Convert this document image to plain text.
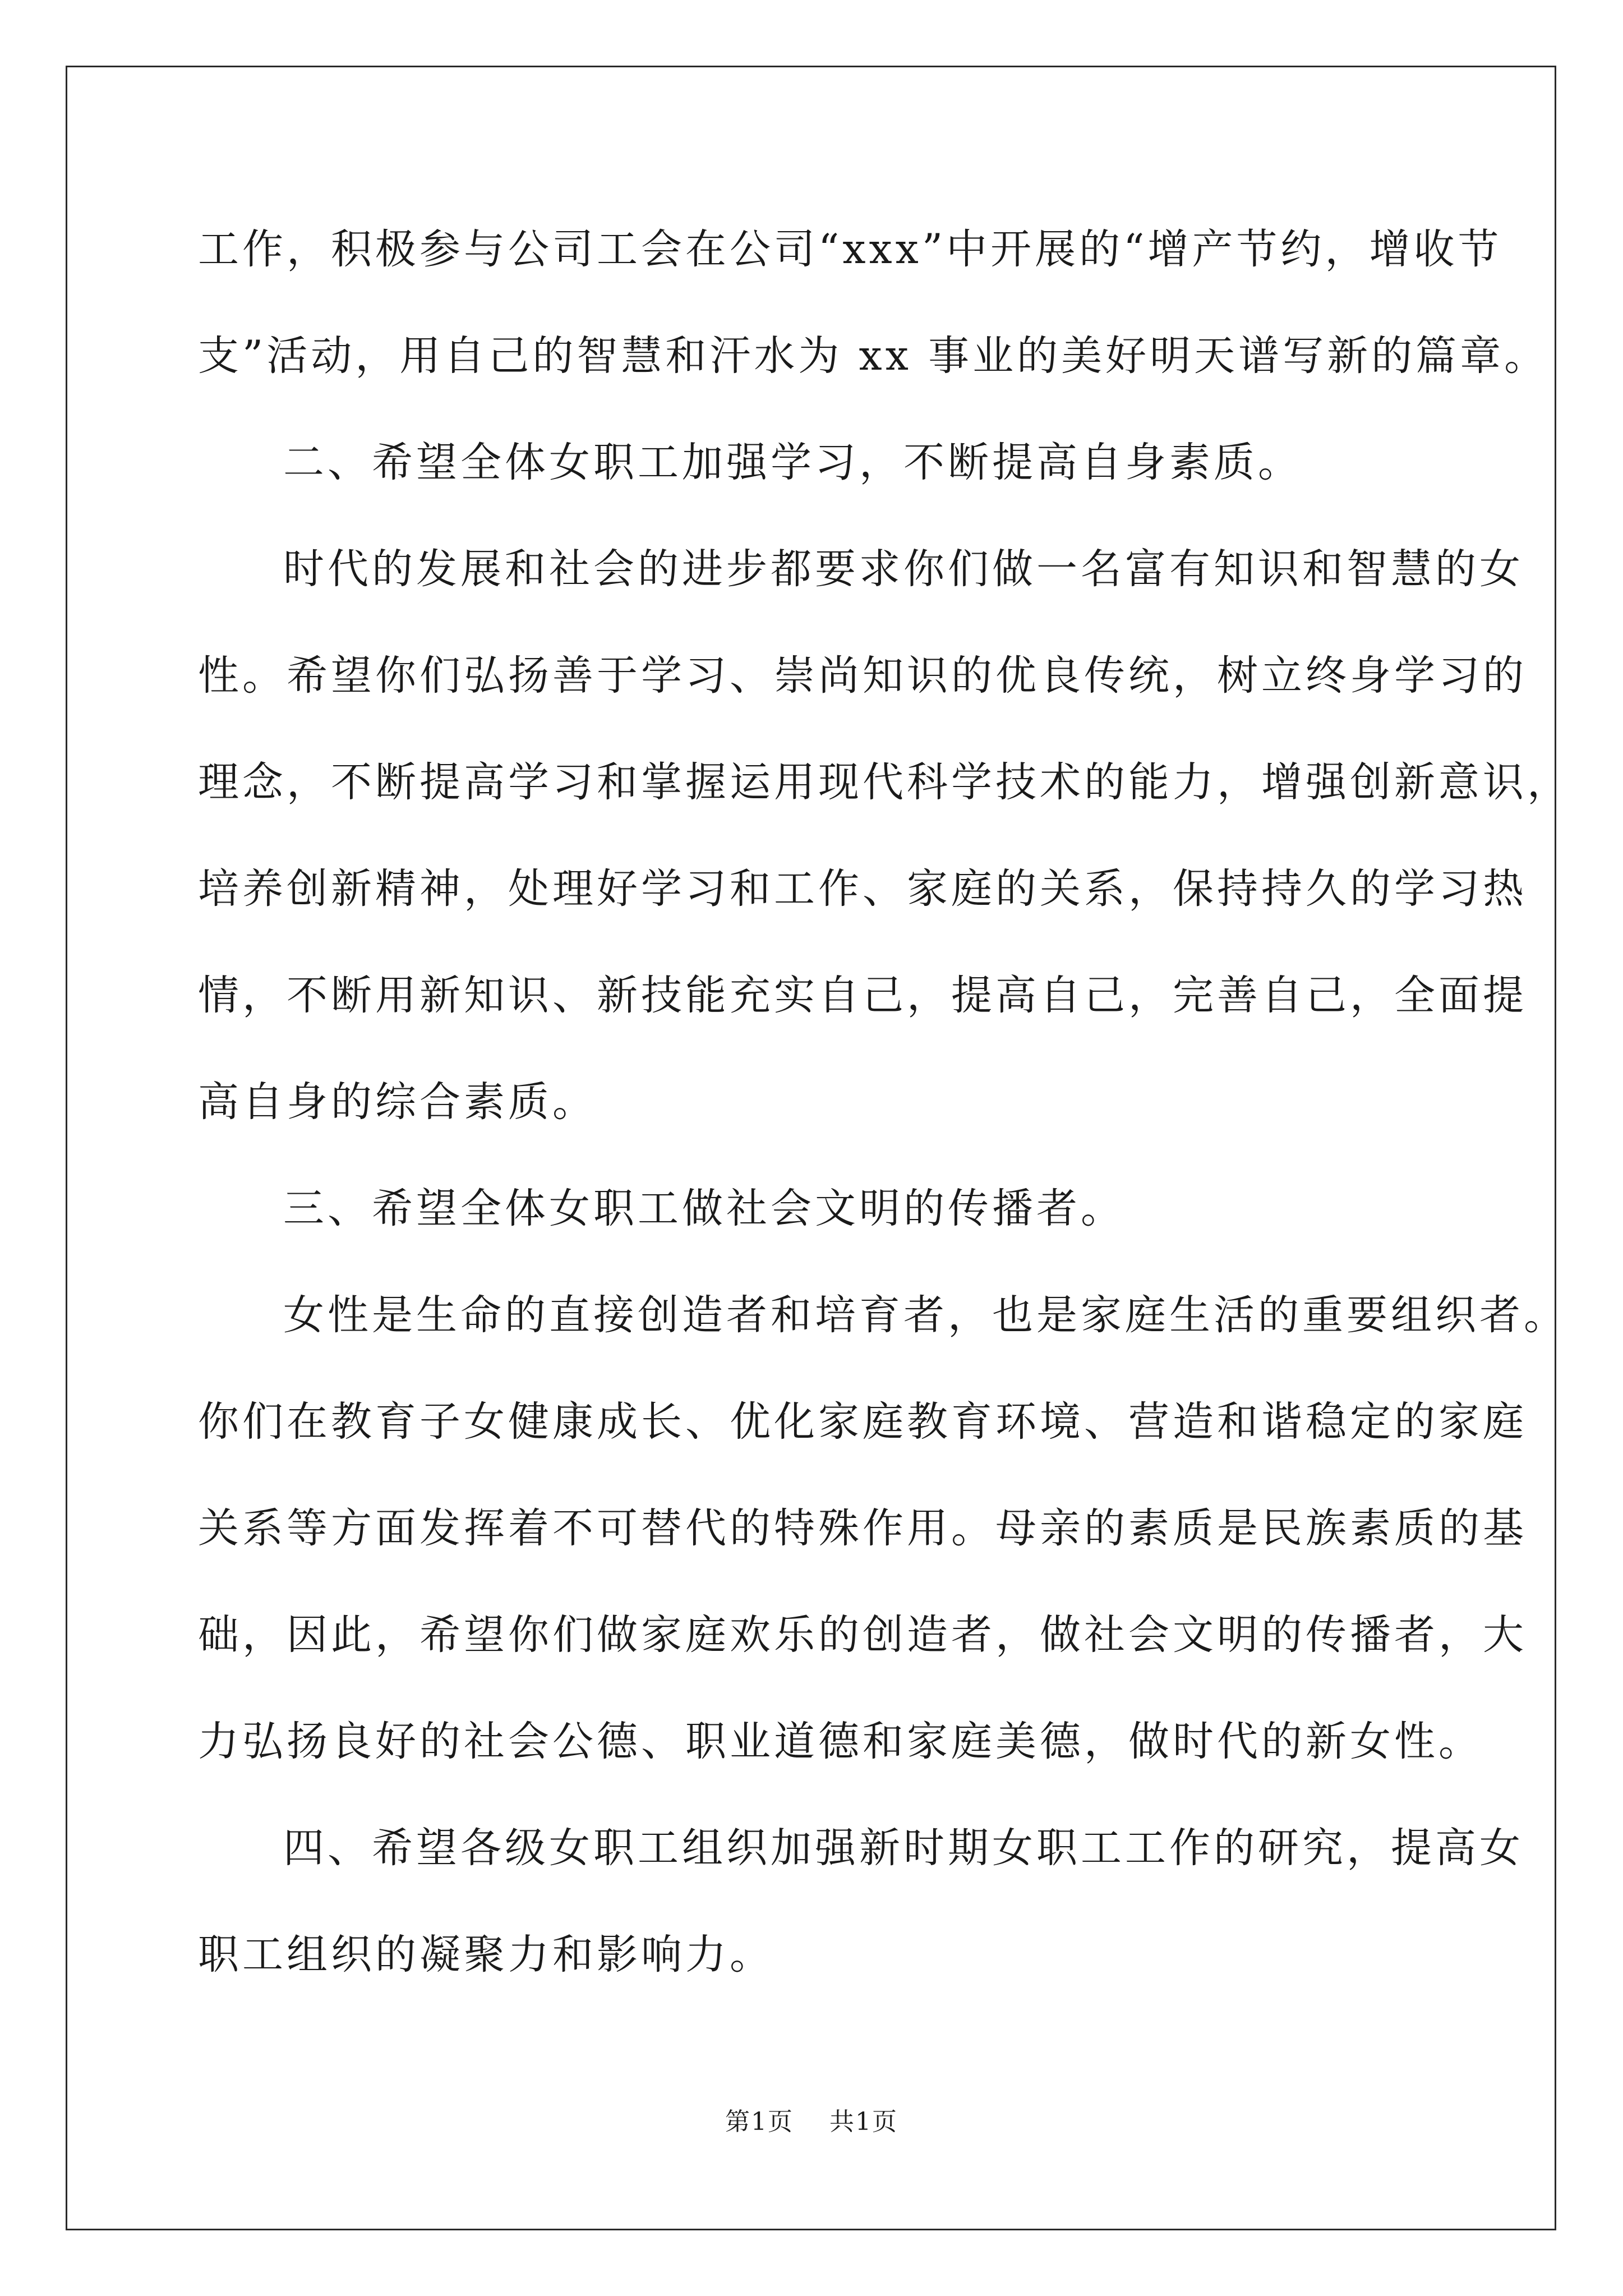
工作，积极参与公司工会在公司“xxx”中开展的“增产节约，增收节
支”活动，用自己的智慧和汗水为 xx 事业的美好明天谱写新的篇章。
二、希望全体女职工加强学习，不断提高自身素质。
时代的发展和社会的进步都要求你们做一名富有知识和智慧的女
性。希望你们弘扬善于学习、崇尚知识的优良传统，树立终身学习的
理念，不断提高学习和掌握运用现代科学技术的能力，增强创新意识，
培养创新精神，处理好学习和工作、家庭的关系，保持持久的学习热
情，不断用新知识、新技能充实自己，提高自己，完善自己，全面提
高自身的综合素质。
三、希望全体女职工做社会文明的传播者。
女性是生命的直接创造者和培育者，也是家庭生活的重要组织者。
你们在教育子女健康成长、优化家庭教育环境、营造和谐稳定的家庭
关系等方面发挥着不可替代的特殊作用。母亲的素质是民族素质的基
础，因此，希望你们做家庭欢乐的创造者，做社会文明的传播者，大
力弘扬良好的社会公德、职业道德和家庭美德，做时代的新女性。
四、希望各级女职工组织加强新时期女职工工作的研究，提高女
职工组织的凝聚力和影响力。
第1页 共1页
